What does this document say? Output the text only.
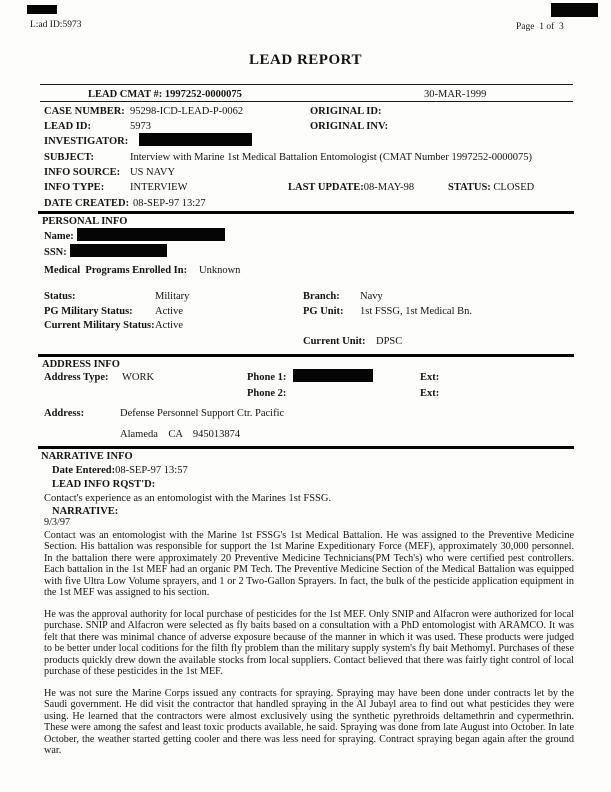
L:ad ID:5973	Page  1 of  3
LEAD REPORT
LEAD CMAT #: 1997252-0000075	30-MAR-1999
CASE NUMBER: 95298-ICD-LEAD-P-0062	ORIGINAL ID:
LEAD ID:	5973	ORIGINAL INV:
INVESTIGATOR:
SUBJECT:	Interview with Marine 1st Medical Battalion Entomologist (CMAT Number 1997252-0000075)
INFO SOURCE: US NAVY
INFO TYPE: INTERVIEW	LAST UPDATE:08-MAY-98	STATUS: CLOSED
DATE CREATED: 08-SEP-97 13:27
PERSONAL INFO
Name:
SSN:
Medical  Programs Enrolled In: Unknown
Status:	Military	Branch: Navy
PG Military Status: Active	PG Unit: 1st FSSG, 1st Medical Bn.
Current Military Status: Active
Current Unit: DPSC
ADDRESS INFO
Address Type: WORK	Phone 1:	Ext:
Phone 2:	Ext:
Address:	Defense Personnel Support Ctr. Pacific
Alameda    CA    945013874
NARRATIVE INFO
Date Entered:08-SEP-97 13:57
LEAD INFO RQST'D:
Contact's experience as an entomologist with the Marines 1st FSSG.
NARRATIVE:
9/3/97

Contact was an entomologist with the Marine 1st FSSG's 1st Medical Battalion. He was assigned to the Preventive Medicine Section. His battalion was responsible for support the 1st Marine Expeditionary Force (MEF), approximately 30,000 personnel. In the battalion there were approximately 20 Preventive Medicine Technicians(PM Tech's) who were certified pest controllers. Each battalion in the 1st MEF had an organic PM Tech. The Preventive Medicine Section of the Medical Battalion was equipped with five Ultra Low Volume sprayers, and 1 or 2 Two-Gallon Sprayers. In fact, the bulk of the pesticide application equipment in the 1st MEF was assigned to his section.

He was the approval authority for local purchase of pesticides for the 1st MEF. Only SNIP and Alfacron were authorized for local purchase. SNIP and Alfacron were selected as fly baits based on a consultation with a PhD entomologist with ARAMCO. It was felt that there was minimal chance of adverse exposure because of the manner in which it was used. These products were judged to be better under local coditions for the filth fly problem than the military supply system's fly bait Methomyl. Purchases of these products quickly drew down the available stocks from local suppliers. Contact believed that there was fairly tight control of local purchase of these pesticides in the 1st MEF.

He was not sure the Marine Corps issued any contracts for spraying. Spraying may have been done under contracts let by the Saudi government. He did visit the contractor that handled spraying in the Al Jubayl area to find out what pesticides they were using. He learned that the contractors were almost exclusively using the synthetic pyrethroids deltamethrin and cypermethrin. These were among the safest and least toxic products available, he said. Spraying was done from late August into October. In late October, the weather started getting cooler and there was less need for spraying. Contract spraying began again after the ground war.
